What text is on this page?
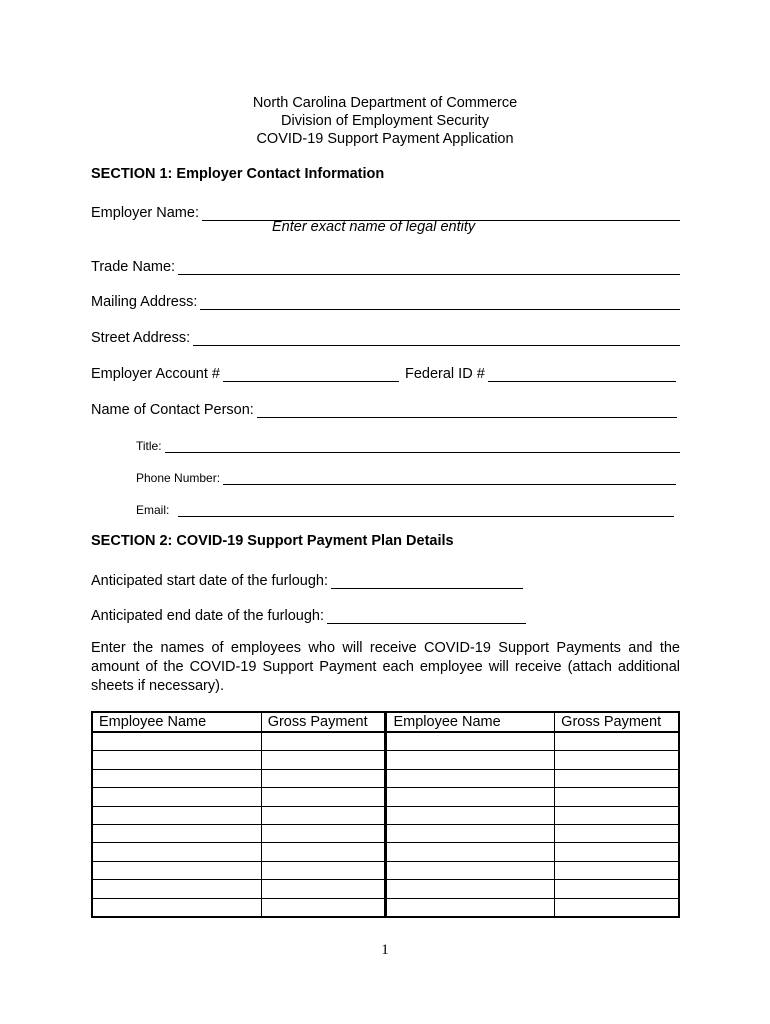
North Carolina Department of Commerce
Division of Employment Security
COVID-19 Support Payment Application
SECTION 1: Employer Contact Information
Employer Name:
Enter exact name of legal entity
Trade Name:
Mailing Address:
Street Address:
Employer Account #	Federal ID #
Name of Contact Person:
Title:
Phone Number:
Email:
SECTION 2: COVID-19 Support Payment Plan Details
Anticipated start date of the furlough:
Anticipated end date of the furlough:
Enter the names of employees who will receive COVID-19 Support Payments and the amount of the COVID-19 Support Payment each employee will receive (attach additional sheets if necessary).
Employee Name	Gross Payment	Employee Name	Gross Payment

1
